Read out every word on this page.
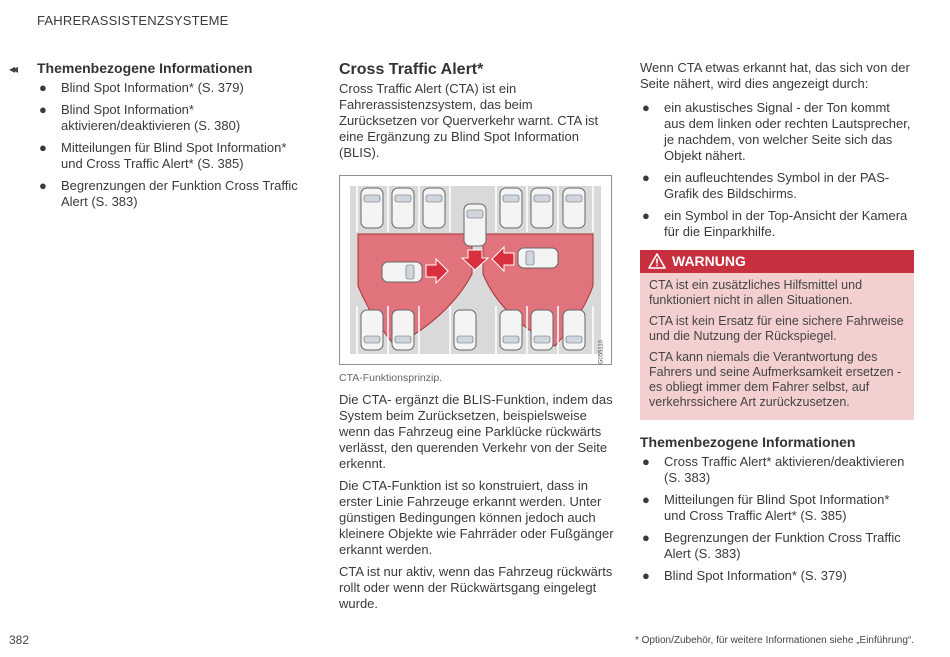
FAHRERASSISTENZSYSTEME
◂◂ Themenbezogene Informationen
● Blind Spot Information* (S. 379)
● Blind Spot Information* aktivieren/deaktivieren (S. 380)
● Mitteilungen für Blind Spot Information* und Cross Traffic Alert* (S. 385)
● Begrenzungen der Funktion Cross Traffic Alert (S. 383)
Cross Traffic Alert*

Cross Traffic Alert (CTA) ist ein Fahrerassistenzsystem, das beim Zurücksetzen vor Querverkehr warnt. CTA ist eine Ergänzung zu Blind Spot Information (BLIS).

G055110
CTA-Funktionsprinzip.

Die CTA- ergänzt die BLIS-Funktion, indem das System beim Zurücksetzen, beispielsweise wenn das Fahrzeug eine Parklücke rückwärts verlässt, den querenden Verkehr von der Seite erkennt.

Die CTA-Funktion ist so konstruiert, dass in erster Linie Fahrzeuge erkannt werden. Unter günstigen Bedingungen können jedoch auch kleinere Objekte wie Fahrräder oder Fußgänger erkannt werden.

CTA ist nur aktiv, wenn das Fahrzeug rückwärts rollt oder wenn der Rückwärtsgang eingelegt wurde.

Wenn CTA etwas erkannt hat, das sich von der Seite nähert, wird dies angezeigt durch:

● ein akustisches Signal - der Ton kommt aus dem linken oder rechten Lautsprecher, je nachdem, von welcher Seite sich das Objekt nähert.
● ein aufleuchtendes Symbol in der PAS-Grafik des Bildschirms.
● ein Symbol in der Top-Ansicht der Kamera für die Einparkhilfe.
WARNUNG

CTA ist ein zusätzliches Hilfsmittel und funktioniert nicht in allen Situationen.

CTA ist kein Ersatz für eine sichere Fahrweise und die Nutzung der Rückspiegel.

CTA kann niemals die Verantwortung des Fahrers und seine Aufmerksamkeit ersetzen - es obliegt immer dem Fahrer selbst, auf verkehrssichere Art zurückzusetzen.

Themenbezogene Informationen
● Cross Traffic Alert* aktivieren/deaktivieren (S. 383)
● Mitteilungen für Blind Spot Information* und Cross Traffic Alert* (S. 385)
● Begrenzungen der Funktion Cross Traffic Alert (S. 383)
● Blind Spot Information* (S. 379)
382	* Option/Zubehör, für weitere Informationen siehe „Einführung“.
